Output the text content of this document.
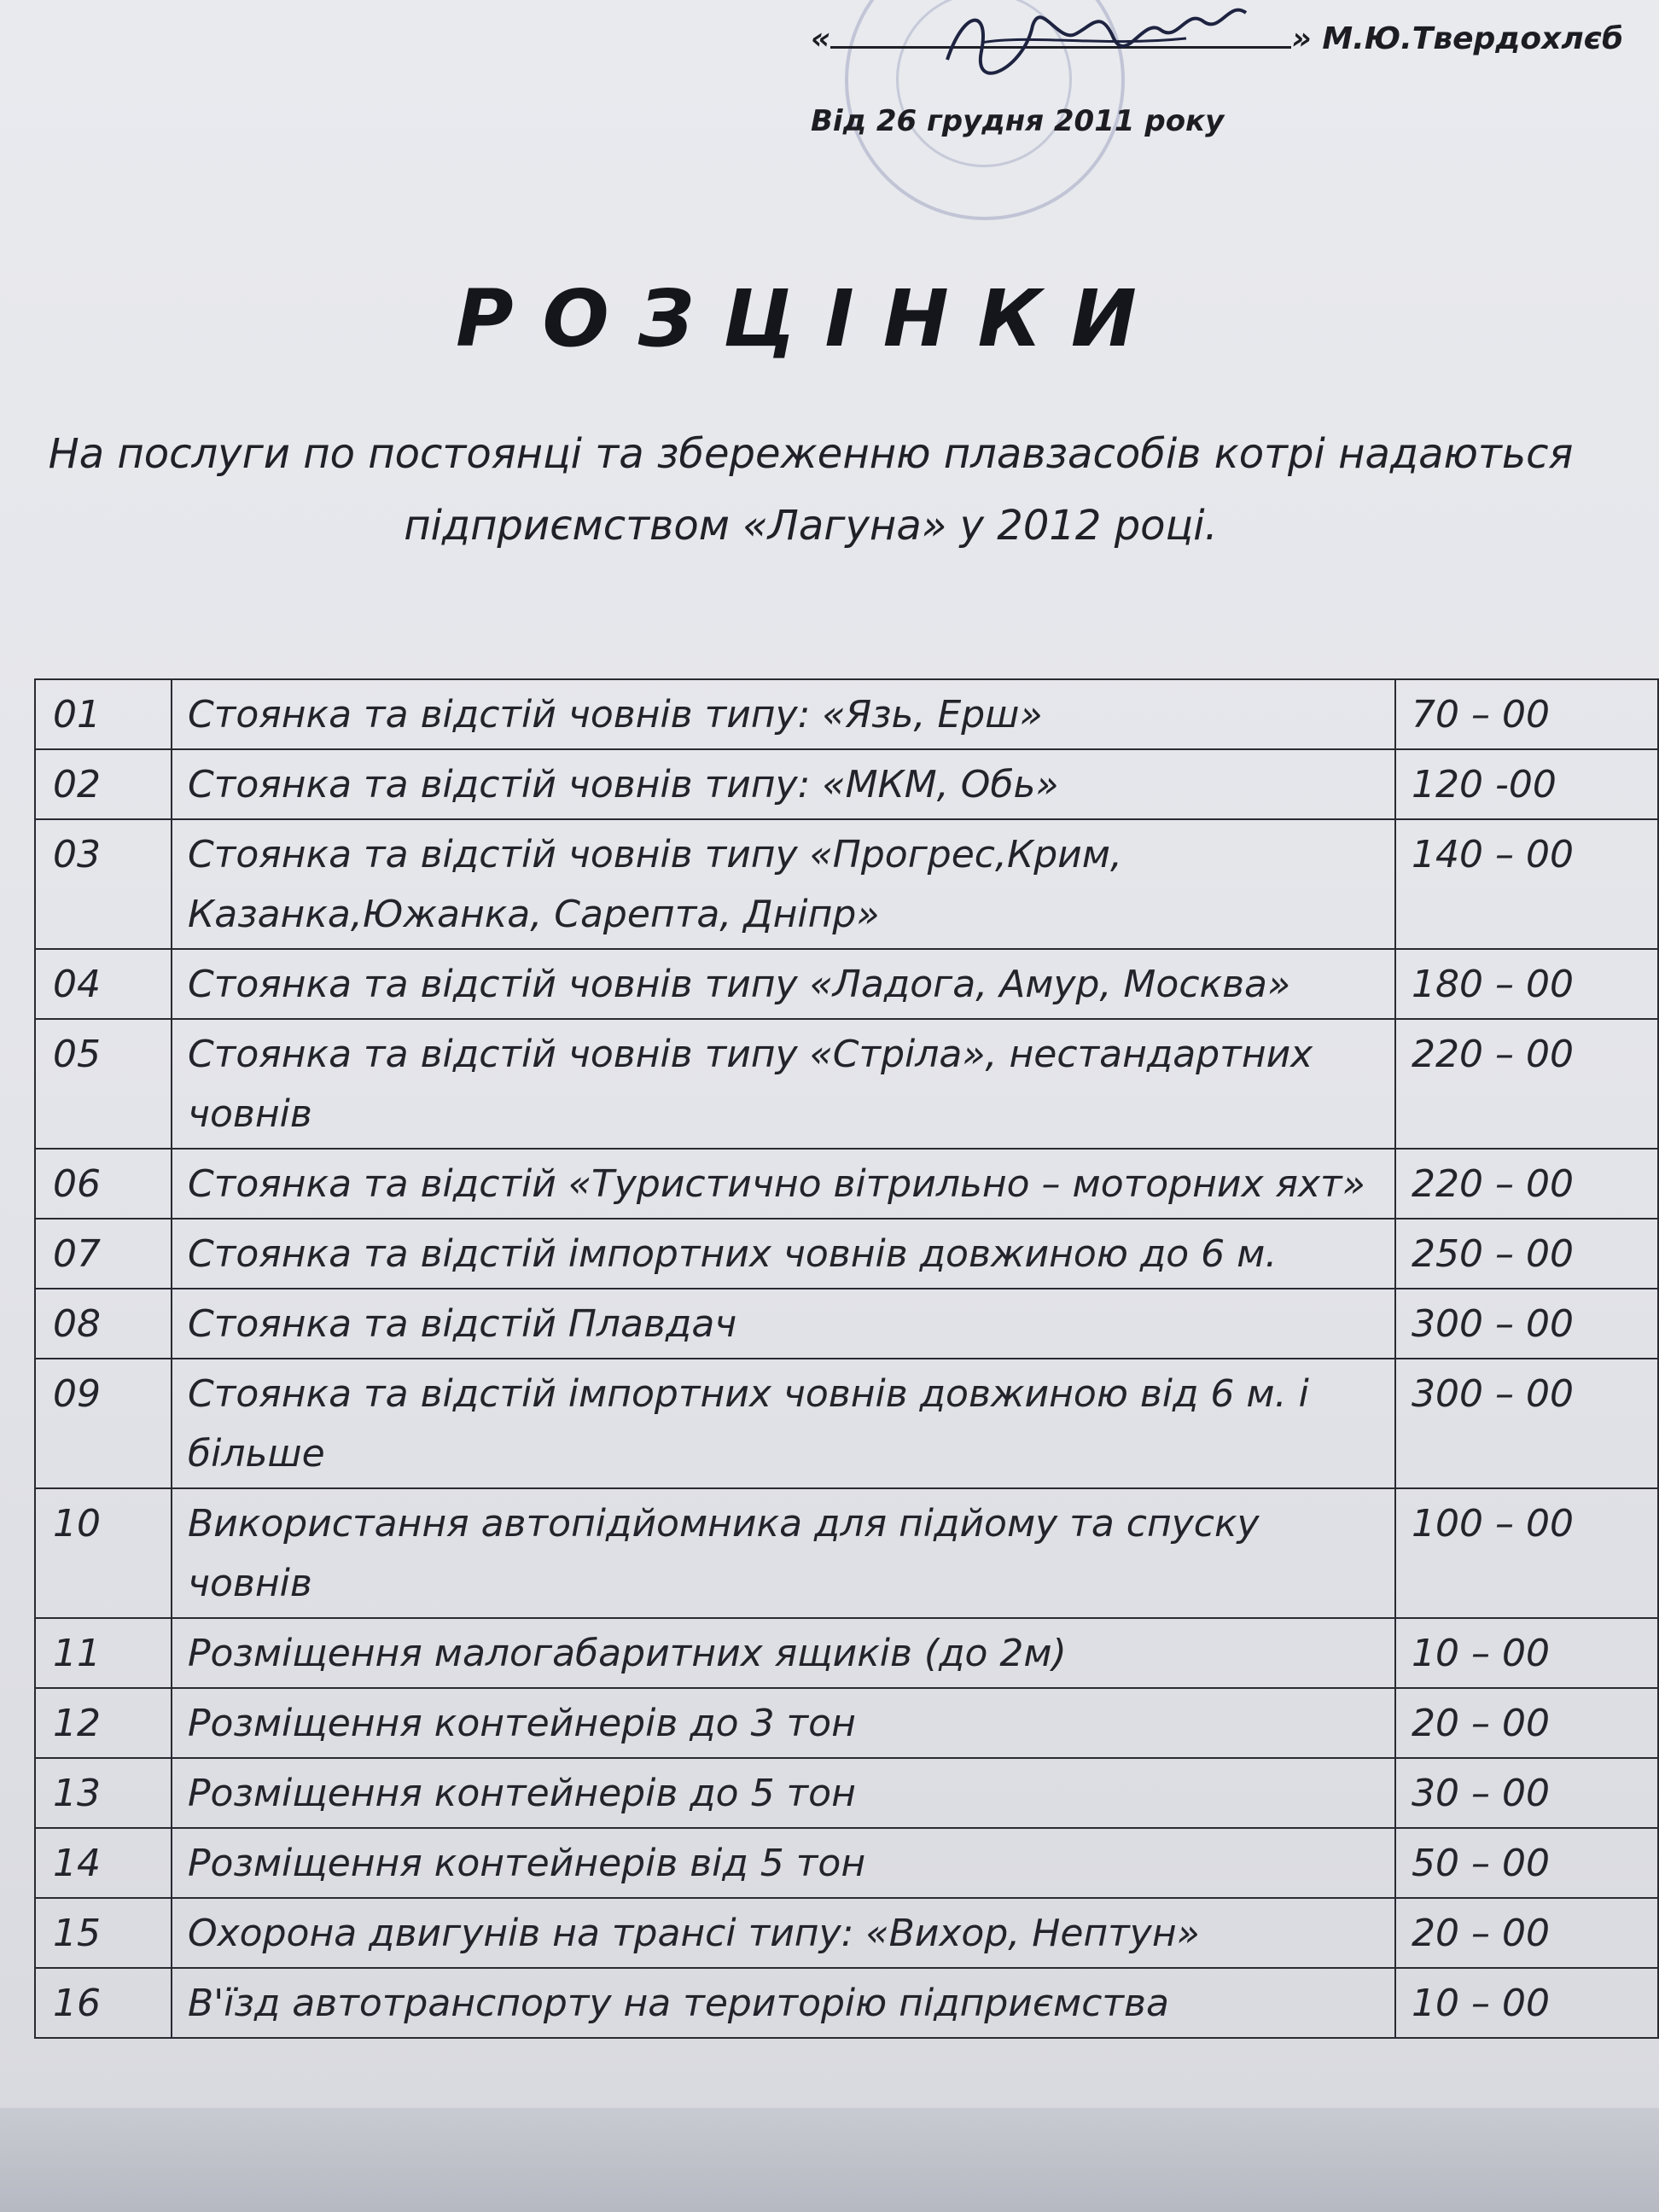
«	» М.Ю.Твердохлєб
Від 26 грудня 2011 року
РОЗЦІНКИ
На послуги по постоянці та збереженню плавзасобів котрі надаються
підприємством «Лагуна» у 2012 році.
01	Стоянка та відстій човнів типу: «Язь, Ерш»	70 – 00
02	Стоянка та відстій човнів типу: «МКМ, Обь»	120 -00
03	Стоянка та відстій човнів типу «Прогрес,Крим, Казанка,Южанка, Сарепта, Дніпр»	140 – 00
04	Стоянка та відстій човнів типу «Ладога, Амур, Москва»	180 – 00
05	Стоянка та відстій човнів типу «Стріла», нестандартних човнів	220 – 00
06	Стоянка та відстій «Туристично вітрильно – моторних яхт»	220 – 00
07	Стоянка та відстій імпортних човнів довжиною до 6 м.	250 – 00
08	Стоянка та відстій Плавдач	300 – 00
09	Стоянка та відстій імпортних човнів довжиною від 6 м. і більше	300 – 00
10	Використання автопідйомника для підйому та спуску човнів	100 – 00
11	Розміщення малогабаритних ящиків (до 2м)	10 – 00
12	Розміщення контейнерів до 3 тон	20 – 00
13	Розміщення контейнерів до 5 тон	30 – 00
14	Розміщення контейнерів від 5 тон	50 – 00
15	Охорона двигунів на трансі типу: «Вихор, Нептун»	20 – 00
16	В'їзд автотранспорту на територію підприємства	10 – 00
